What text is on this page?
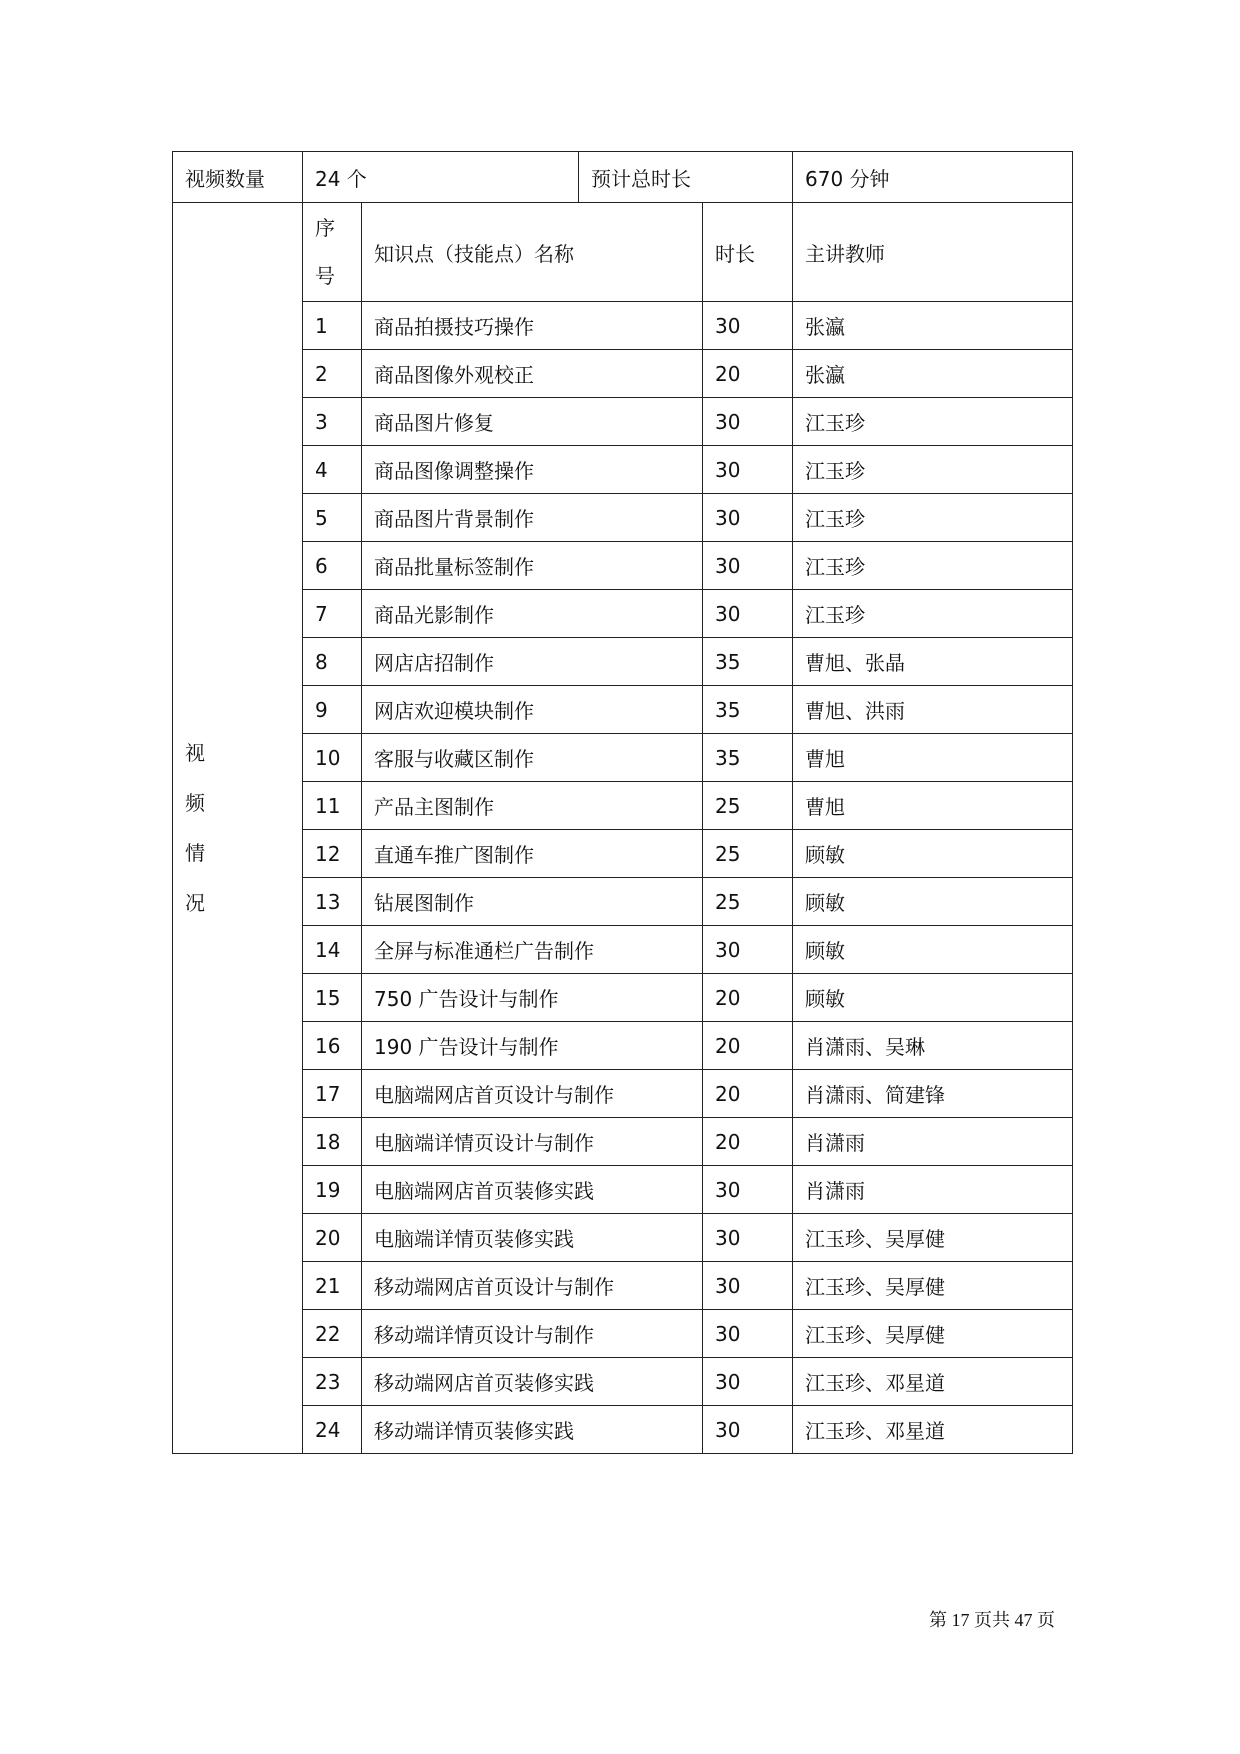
视频数量	24 个		预计总时长		670 分钟

视
频
情
况	序
号	知识点（技能点）名称		时长	主讲教师
	1	商品拍摄技巧操作		30	张瀛
	2	商品图像外观校正		20	张瀛
	3	商品图片修复		30	江玉珍
	4	商品图像调整操作		30	江玉珍
	5	商品图片背景制作		30	江玉珍
	6	商品批量标签制作		30	江玉珍
	7	商品光影制作		30	江玉珍
	8	网店店招制作		35	曹旭、张晶
	9	网店欢迎模块制作		35	曹旭、洪雨
	10	客服与收藏区制作		35	曹旭
	11	产品主图制作		25	曹旭
	12	直通车推广图制作		25	顾敏
	13	钻展图制作		25	顾敏
	14	全屏与标准通栏广告制作		30	顾敏
	15	750 广告设计与制作		20	顾敏
	16	190 广告设计与制作		20	肖潇雨、吴琳
	17	电脑端网店首页设计与制作		20	肖潇雨、简建锋
	18	电脑端详情页设计与制作		20	肖潇雨
	19	电脑端网店首页装修实践		30	肖潇雨
	20	电脑端详情页装修实践		30	江玉珍、吴厚健
	21	移动端网店首页设计与制作		30	江玉珍、吴厚健
	22	移动端详情页设计与制作		30	江玉珍、吴厚健
	23	移动端网店首页装修实践		30	江玉珍、邓星道
	24	移动端详情页装修实践		30	江玉珍、邓星道
第 17 页共 47 页
